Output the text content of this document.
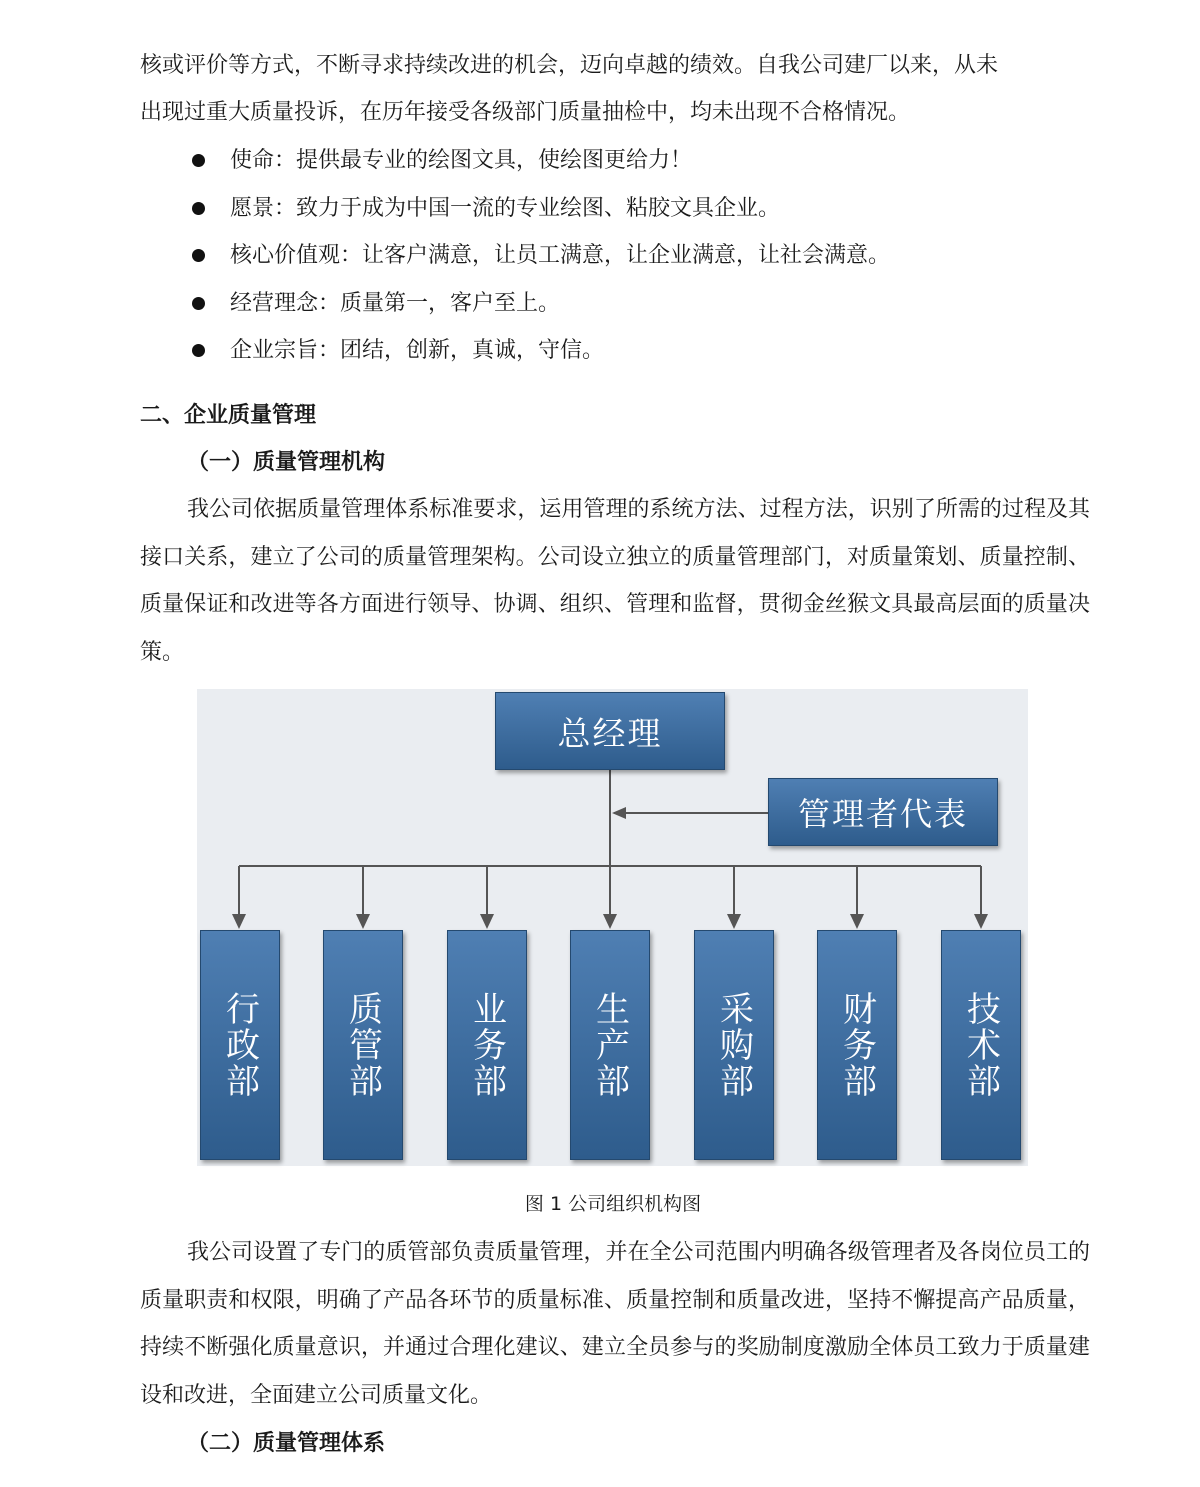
核或评价等方式，不断寻求持续改进的机会，迈向卓越的绩效。自我公司建厂以来，从未

出现过重大质量投诉，在历年接受各级部门质量抽检中，均未出现不合格情况。

使命：提供最专业的绘图文具，使绘图更给力！
愿景：致力于成为中国一流的专业绘图、粘胶文具企业。
核心价值观：让客户满意，让员工满意，让企业满意，让社会满意。
经营理念：质量第一，客户至上。
企业宗旨：团结，创新，真诚，守信。
二、企业质量管理
（一）质量管理机构

我公司依据质量管理体系标准要求，运用管理的系统方法、过程方法，识别了所需的过程及其接口关系，建立了公司的质量管理架构。公司设立独立的质量管理部门，对质量策划、质量控制、质量保证和改进等各方面进行领导、协调、组织、管理和监督，贯彻金丝猴文具最高层面的质量决策。

总经理
管理者代表
行政部	质管部	业务部	生产部	采购部	财务部	技术部
图 1 公司组织机构图

我公司设置了专门的质管部负责质量管理，并在全公司范围内明确各级管理者及各岗位员工的质量职责和权限，明确了产品各环节的质量标准、质量控制和质量改进，坚持不懈提高产品质量，持续不断强化质量意识，并通过合理化建议、建立全员参与的奖励制度激励全体员工致力于质量建设和改进，全面建立公司质量文化。

（二）质量管理体系
